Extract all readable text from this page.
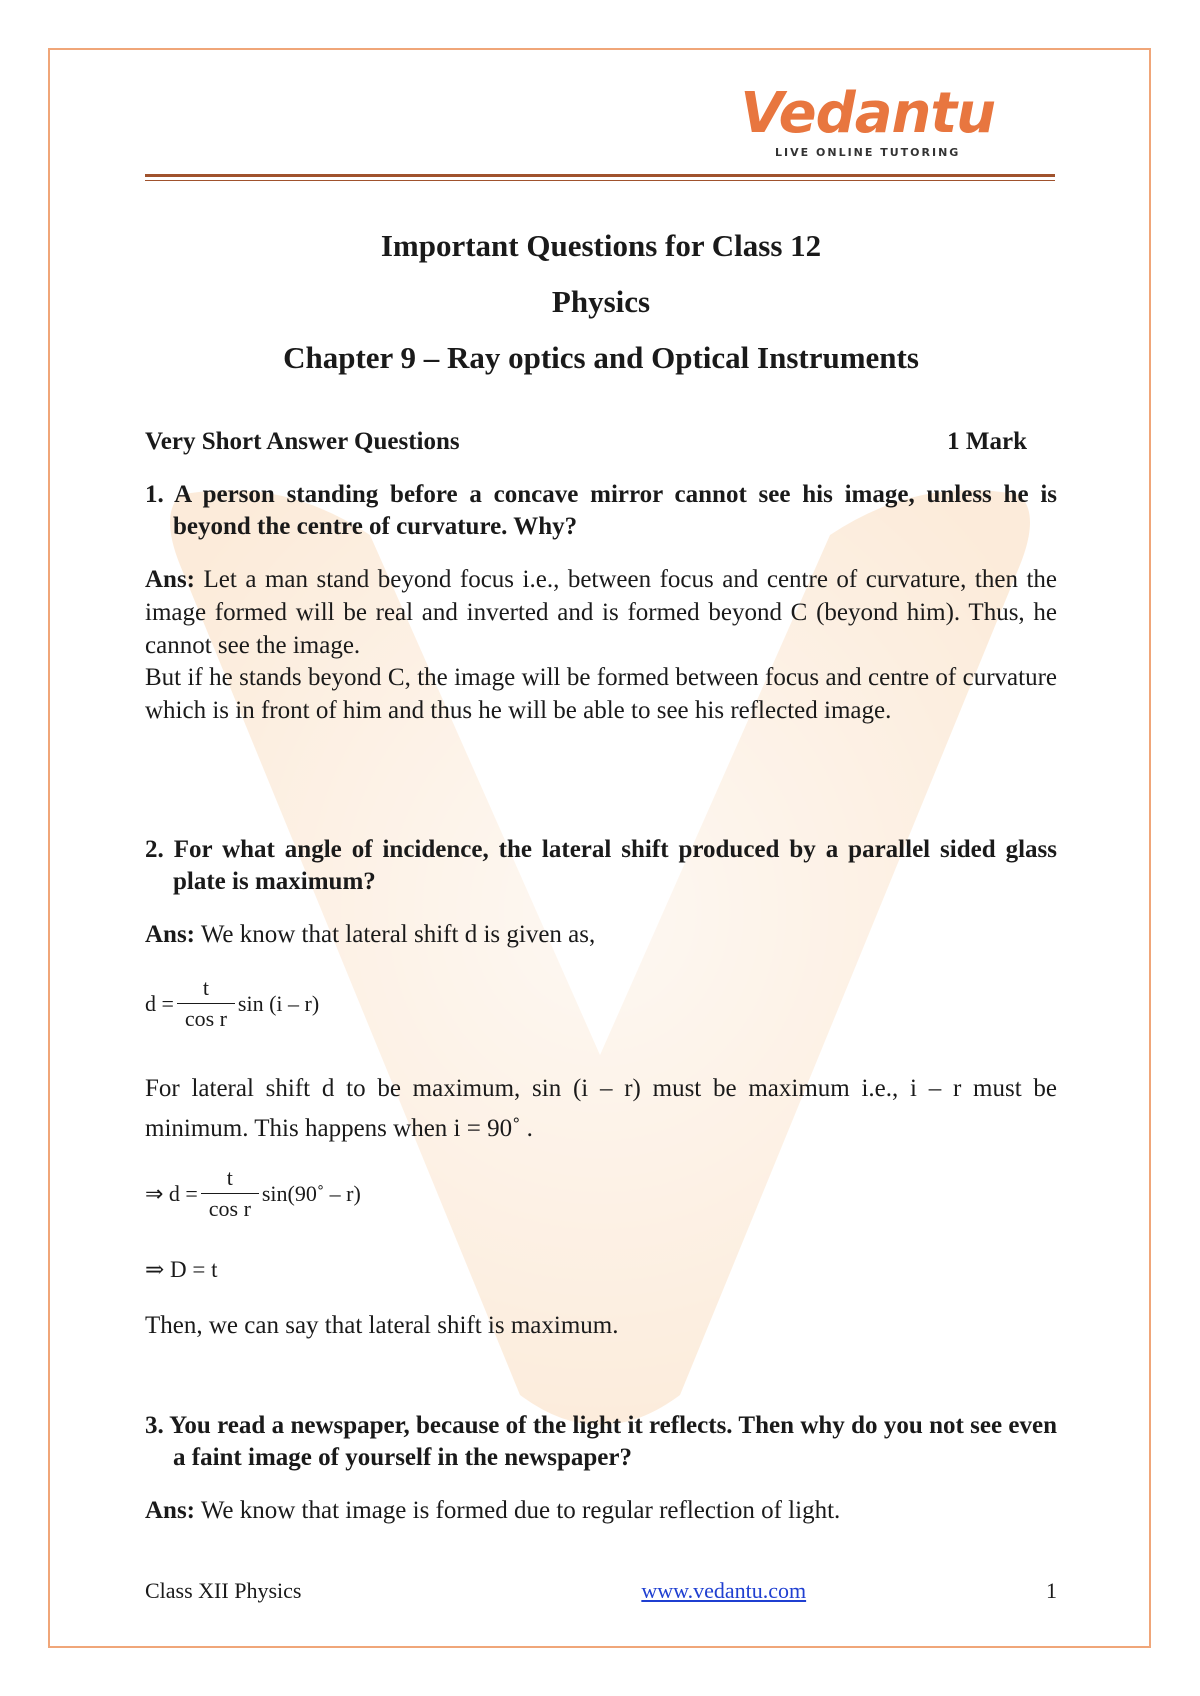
Vedantu
LIVE ONLINE TUTORING
Important Questions for Class 12
Physics
Chapter 9 – Ray optics and Optical Instruments
Very Short Answer Questions	1 Mark
1. A person standing before a concave mirror cannot see his image, unless he is beyond the centre of curvature. Why?
Ans: Let a man stand beyond focus i.e., between focus and centre of curvature, then the image formed will be real and inverted and is formed beyond C (beyond him). Thus, he cannot see the image.
But if he stands beyond C, the image will be formed between focus and centre of curvature which is in front of him and thus he will be able to see his reflected image.
2. For what angle of incidence, the lateral shift produced by a parallel sided glass plate is maximum?
Ans: We know that lateral shift d is given as,
$d = \frac{t}{\text{cos r}}$ sin (i – r)
For lateral shift d to be maximum, sin (i – r) must be maximum i.e., i – r must be minimum. This happens when i = 90˚ .
⇒ $d = \frac{t}{\text{cos r}}$ sin(90˚ – r)
⇒ D = t
Then, we can say that lateral shift is maximum.
3. You read a newspaper, because of the light it reflects. Then why do you not see even a faint image of yourself in the newspaper?
Ans: We know that image is formed due to regular reflection of light.
Class XII Physics	www.vedantu.com	1
